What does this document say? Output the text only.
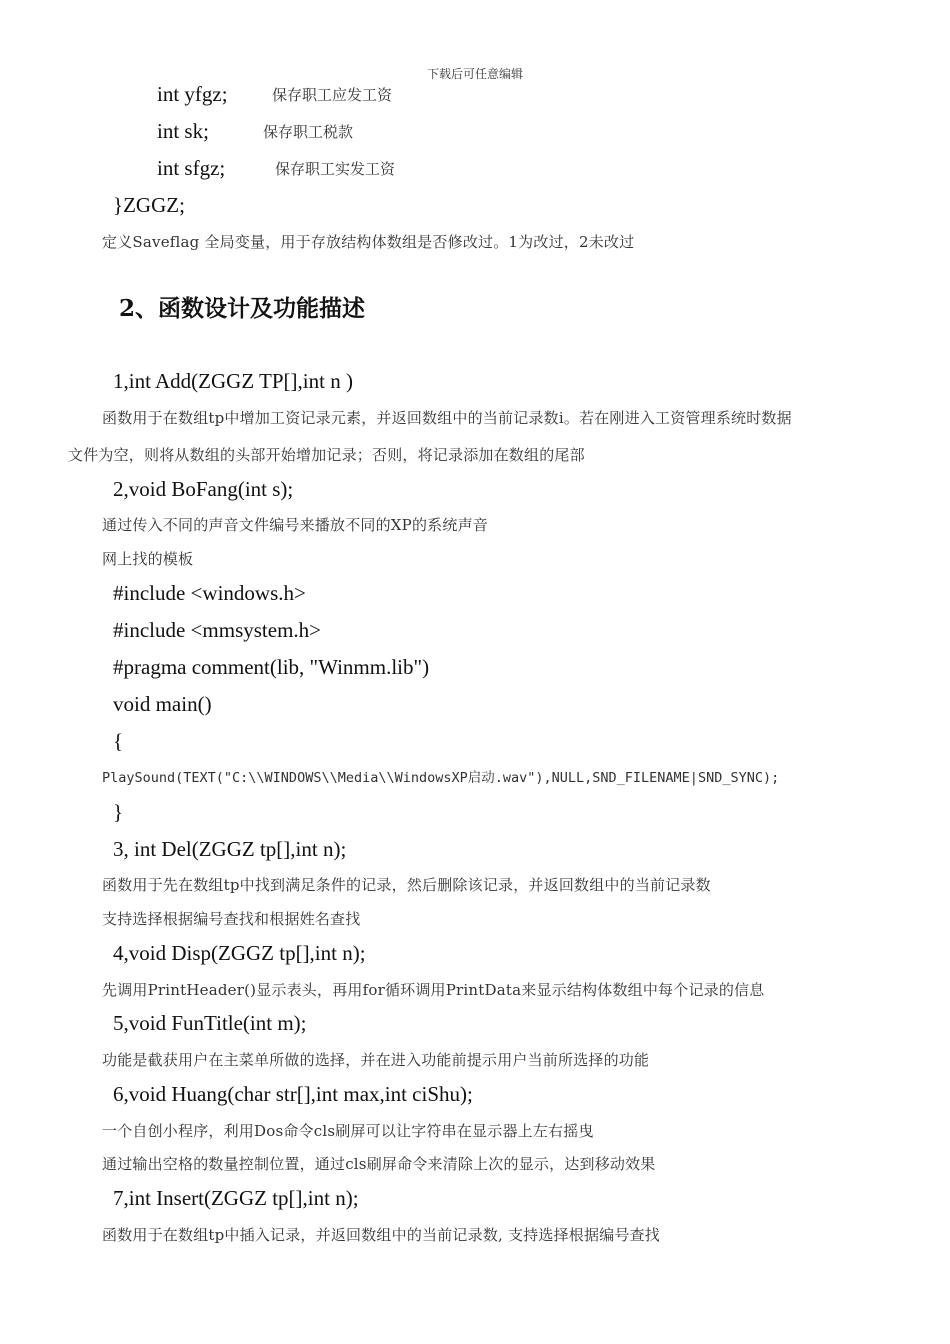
下载后可任意编辑
int yfgz;	保存职工应发工资
int sk;	保存职工税款
int sfgz;	保存职工实发工资
}ZGGZ;
定义Saveflag 全局变量，用于存放结构体数组是否修改过。1为改过，2未改过
2、函数设计及功能描述
1,int Add(ZGGZ TP[],int n )
函数用于在数组tp中增加工资记录元素，并返回数组中的当前记录数i。若在刚进入工资管理系统时数据
文件为空，则将从数组的头部开始增加记录；否则，将记录添加在数组的尾部
2,void BoFang(int s);
通过传入不同的声音文件编号来播放不同的XP的系统声音
网上找的模板
#include <windows.h>
#include <mmsystem.h>
#pragma comment(lib, "Winmm.lib")
void main()
{
PlaySound(TEXT("C:\\WINDOWS\\Media\\WindowsXP启动.wav"),NULL,SND_FILENAME|SND_SYNC);
}
3, int Del(ZGGZ tp[],int n);
函数用于先在数组tp中找到满足条件的记录，然后删除该记录，并返回数组中的当前记录数
支持选择根据编号查找和根据姓名查找
4,void Disp(ZGGZ tp[],int n);
先调用PrintHeader()显示表头，再用for循环调用PrintData来显示结构体数组中每个记录的信息
5,void FunTitle(int m);
功能是截获用户在主菜单所做的选择，并在进入功能前提示用户当前所选择的功能
6,void Huang(char str[],int max,int ciShu);
一个自创小程序，利用Dos命令cls刷屏可以让字符串在显示器上左右摇曳
通过输出空格的数量控制位置，通过cls刷屏命令来清除上次的显示，达到移动效果
7,int Insert(ZGGZ tp[],int n);
函数用于在数组tp中插入记录，并返回数组中的当前记录数, 支持选择根据编号查找
